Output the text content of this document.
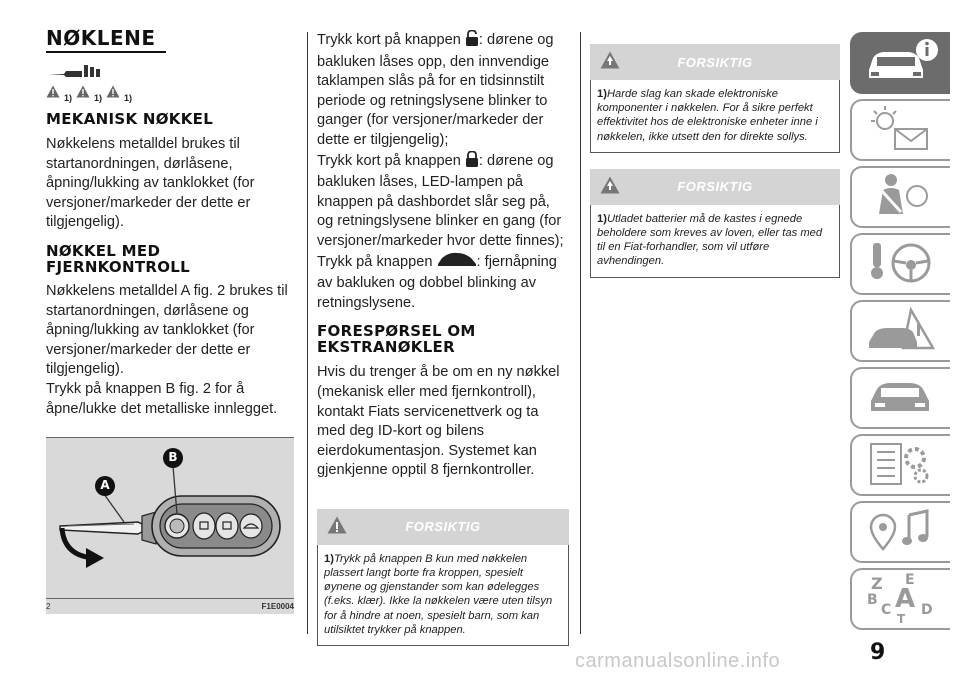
NØKLENE
1) 1) 1)
MEKANISK NØKKEL

Nøkkelens metalldel brukes til startanordningen, dørlåsene, åpning/lukking av tanklokket (for versjoner/markeder der dette er tilgjengelig).

NØKKEL MED
FJERNKONTROLL

Nøkkelens metalldel A fig. 2 brukes til startanordningen, dørlåsene og åpning/lukking av tanklokket (for versjoner/markeder der dette er tilgjengelig).

Trykk på knappen B fig. 2 for å åpne/lukke det metalliske innlegget.

A
B
2	F1E0004

Trykk kort på knappen : dørene og bakluken låses opp, den innvendige taklampen slås på for en tidsinnstilt periode og retningslysene blinker to ganger (for versjoner/markeder der dette er tilgjengelig);

Trykk kort på knappen : dørene og bakluken låses, LED-lampen på knappen på dashbordet slår seg på, og retningslysene blinker en gang (for versjoner/markeder hvor dette finnes);

Trykk på knappen	: fjernåpning av bakluken og dobbel blinking av retningslysene.

FORESPØRSEL OM
EKSTRANØKLER

Hvis du trenger å be om en ny nøkkel (mekanisk eller med fjernkontroll), kontakt Fiats servicenettverk og ta med deg ID-kort og bilens eierdokumentasjon. Systemet kan gjenkjenne opptil 8 fjernkontroller.

FORSIKTIG
1)Trykk på knappen B kun med nøkkelen plassert langt borte fra kroppen, spesielt øynene og gjenstander som kan ødelegges (f.eks. klær). Ikke la nøkkelen være uten tilsyn for å hindre at noen, spesielt barn, som kan utilsiktet trykker på knappen.
FORSIKTIG
1)Harde slag kan skade elektroniske komponenter i nøkkelen. For å sikre perfekt effektivitet hos de elektroniske enheter inne i nøkkelen, ikke utsett den for direkte sollys.
FORSIKTIG
1)Utladet batterier må de kastes i egnede beholdere som kreves av loven, eller tas med til en Fiat-forhandler, som vil utføre avhendingen.
Z E
A
B
C D
T
9
carmanualsonline.info
